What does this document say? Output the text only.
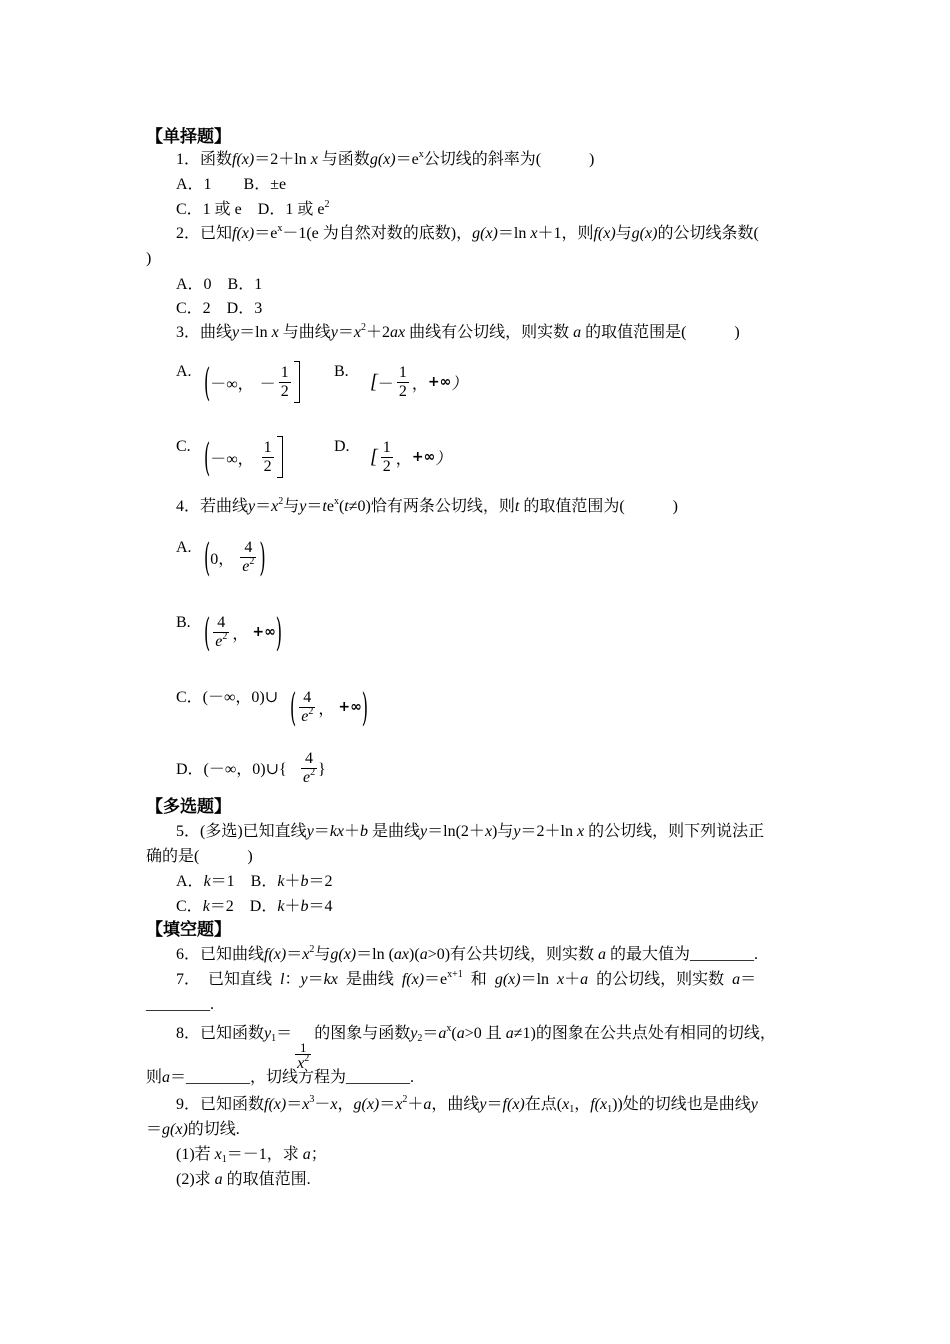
【单择题】
1．函数f(x)＝2＋ln x 与函数$g(x)=e^x$公切线的斜率为(　　　)
A．1　　B．±e
C．1 或 e　D．1 或 $e^2$
2．已知$f(x)=e^x-1(e$ 为自然对数的底数)，g(x)＝ln x＋1，则f(x)与g(x)的公切线条数(
)
A．0　B．1
C．2　D．3
3．曲线y＝ln x 与曲线$y=x^2+2ax$ 曲线有公切线，则实数 a 的取值范围是(　　　)
A. ( －∞， － $\frac{1}{2}$	B. [ － $\frac{1}{2}$ ， +∞ ）
C. ( －∞， $\frac{1}{2}$	D. [ $\frac{1}{2}$ ， +∞ ）
4．若曲线$y=x^2$与$y=te^x(t\ne 0)$恰有两条公切线，则t 的取值范围为(　　　)
A. ( 0， $\frac{4}{e^2}$ )
B. ( $\frac{4}{e^2}$ ， +∞ )
C．(－∞，0)∪ ( $\frac{4}{e^2}$ ， +∞ )
D．(－∞，0)∪{ $\frac{4}{e^2}$ }
【多选题】
5．(多选)已知直线y＝kx＋b 是曲线y＝ln(2＋x)与y＝2＋ln x 的公切线，则下列说法正
确的是(　　　)
A．k＝1　B．k＋b＝2
C．k＝2　D．k＋b＝4
【填空题】
6．已知曲线$f(x)=x^2$与g(x)＝ln (ax)(a>0)有公共切线，则实数 a 的最大值为________.
7． 已知直线 l：y＝kx 是曲线 $f(x)=e^{x+1}$ 和 g(x)＝ln x＋a 的公切线，则实数 a＝
________.
8．已知函数$y_1=$
$\frac{1}{x^2}$
的图象与函数$y_2=a^x(a>0$ 且 a≠1)的图象在公共点处有相同的切线，
则a＝________，切线方程为________.
9．已知函数$f(x)=x^3-x$，$g(x)=x^2+a$，曲线y＝f(x)在点($x_1$，$f(x_1)$)处的切线也是曲线y
＝g(x)的切线.
(1)若 $x_1=-1$，求 a；
(2)求 a 的取值范围.
